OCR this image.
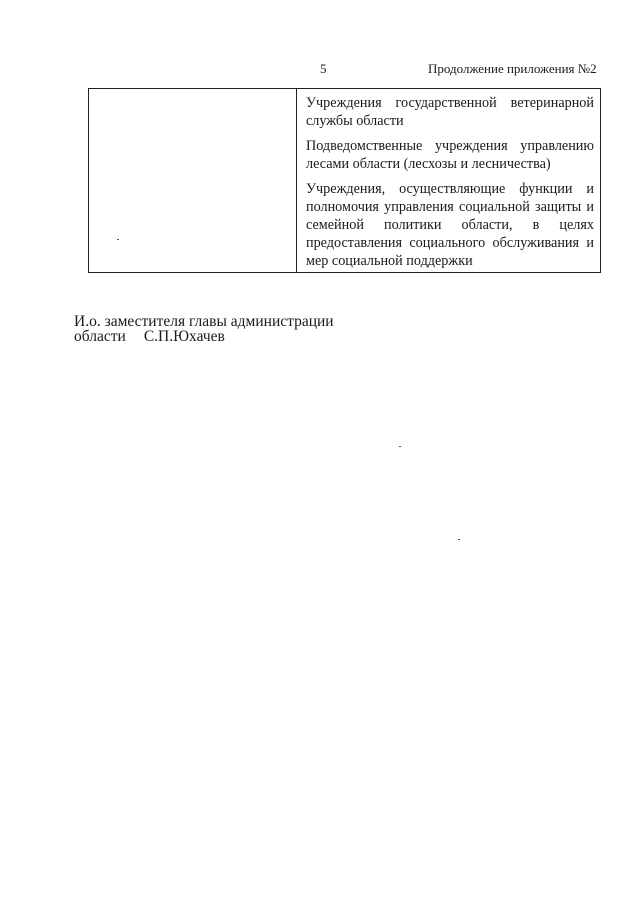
5	Продолжение приложения №2

Учреждения государственной ветеринарной службы области

Подведомственные учреждения управлению лесами области (лесхозы и лесничества)

Учреждения, осуществляющие функции и полномочия управления социальной защиты и семейной политики области, в целях предоставления социального обслуживания и мер социальной поддержки

И.о. заместителя главы администрации
области С.П.Юхачев
